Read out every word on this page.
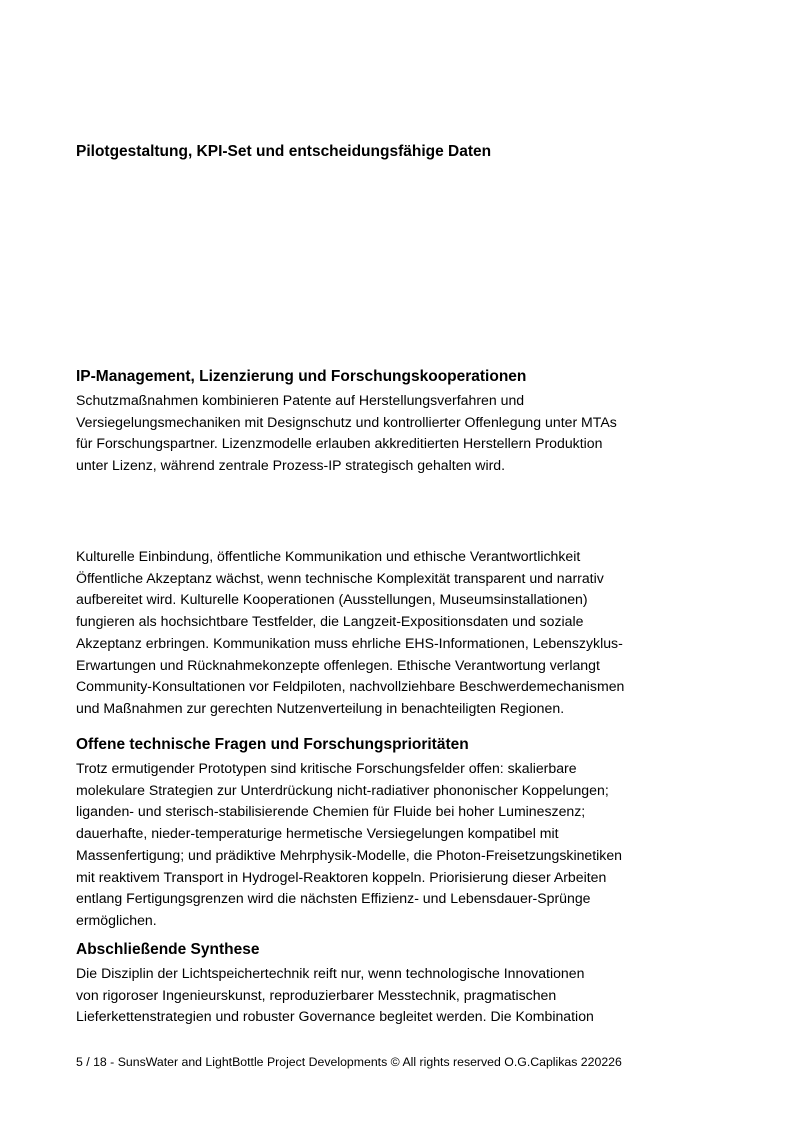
Pilotgestaltung, KPI-Set und entscheidungsfähige Daten
IP-Management, Lizenzierung und Forschungskooperationen

Schutzmaßnahmen kombinieren Patente auf Herstellungsverfahren und
Versiegelungsmechaniken mit Designschutz und kontrollierter Offenlegung unter MTAs
für Forschungspartner. Lizenzmodelle erlauben akkreditierten Herstellern Produktion
unter Lizenz, während zentrale Prozess-IP strategisch gehalten wird.

Kulturelle Einbindung, öffentliche Kommunikation und ethische Verantwortlichkeit
Öffentliche Akzeptanz wächst, wenn technische Komplexität transparent und narrativ
aufbereitet wird. Kulturelle Kooperationen (Ausstellungen, Museumsinstallationen)
fungieren als hochsichtbare Testfelder, die Langzeit-Expositionsdaten und soziale
Akzeptanz erbringen. Kommunikation muss ehrliche EHS-Informationen, Lebenszyklus-
Erwartungen und Rücknahmekonzepte offenlegen. Ethische Verantwortung verlangt
Community-Konsultationen vor Feldpiloten, nachvollziehbare Beschwerdemechanismen
und Maßnahmen zur gerechten Nutzenverteilung in benachteiligten Regionen.

Offene technische Fragen und Forschungsprioritäten

Trotz ermutigender Prototypen sind kritische Forschungsfelder offen: skalierbare
molekulare Strategien zur Unterdrückung nicht-radiativer phononischer Koppelungen;
liganden- und sterisch-stabilisierende Chemien für Fluide bei hoher Lumineszenz;
dauerhafte, nieder-temperaturige hermetische Versiegelungen kompatibel mit
Massenfertigung; und prädiktive Mehrphysik-Modelle, die Photon-Freisetzungskinetiken
mit reaktivem Transport in Hydrogel-Reaktoren koppeln. Priorisierung dieser Arbeiten
entlang Fertigungsgrenzen wird die nächsten Effizienz- und Lebensdauer-Sprünge
ermöglichen.

Abschließende Synthese

Die Disziplin der Lichtspeichertechnik reift nur, wenn technologische Innovationen
von rigoroser Ingenieurskunst, reproduzierbarer Messtechnik, pragmatischen
Lieferkettenstrategien und robuster Governance begleitet werden. Die Kombination

5 / 18 - SunsWater and LightBottle Project Developments © All rights reserved O.G.Caplikas 220226
